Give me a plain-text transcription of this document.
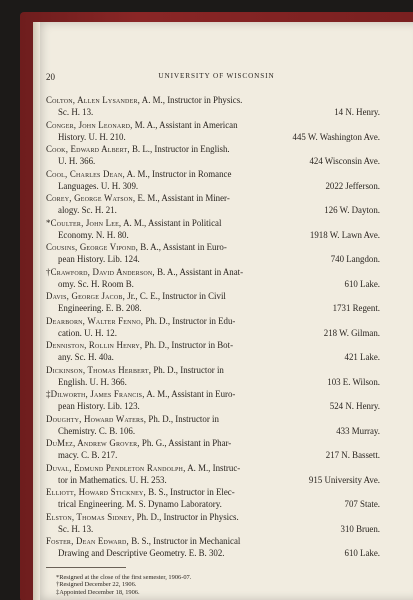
20	UNIVERSITY OF WISCONSIN
Colton, Allen Lysander, A. M., Instructor in Physics.
Sc. H. 13.	14 N. Henry.
Conger, John Leonard, M. A., Assistant in American
History. U. H. 210.	445 W. Washington Ave.
Cook, Edward Albert, B. L., Instructor in English.
U. H. 366.	424 Wisconsin Ave.
Cool, Charles Dean, A. M., Instructor in Romance
Languages. U. H. 309.	2022 Jefferson.
Corey, George Watson, E. M., Assistant in Miner-
alogy. Sc. H. 21.	126 W. Dayton.
*Coulter, John Lee, A. M., Assistant in Political
Economy. N. H. 80.	1918 W. Lawn Ave.
Cousins, George Vipond, B. A., Assistant in Euro-
pean History. Lib. 124.	740 Langdon.
†Crawford, David Anderson, B. A., Assistant in Anat-
omy. Sc. H. Room B.	610 Lake.
Davis, George Jacob, Jr., C. E., Instructor in Civil
Engineering. E. B. 208.	1731 Regent.
Dearborn, Walter Fenno, Ph. D., Instructor in Edu-
cation. U. H. 12.	218 W. Gilman.
Denniston, Rollin Henry, Ph. D., Instructor in Bot-
any. Sc. H. 40a.	421 Lake.
Dickinson, Thomas Herbert, Ph. D., Instructor in
English. U. H. 366.	103 E. Wilson.
‡Dilworth, James Francis, A. M., Assistant in Euro-
pean History. Lib. 123.	524 N. Henry.
Doughty, Howard Waters, Ph. D., Instructor in
Chemistry. C. B. 106.	433 Murray.
DuMez, Andrew Grover, Ph. G., Assistant in Phar-
macy. C. B. 217.	217 N. Bassett.
Duval, Edmund Pendleton Randolph, A. M., Instruc-
tor in Mathematics. U. H. 253.	915 University Ave.
Elliott, Howard Stickney, B. S., Instructor in Elec-
trical Engineering. M. S. Dynamo Laboratory.	707 State.
Elston, Thomas Sidney, Ph. D., Instructor in Physics.
Sc. H. 13.	310 Bruen.
Foster, Dean Edward, B. S., Instructor in Mechanical
Drawing and Descriptive Geometry. E. B. 302.	610 Lake.
*Resigned at the close of the first semester, 1906-07.
†Resigned December 22, 1906.
‡Appointed December 18, 1906.
